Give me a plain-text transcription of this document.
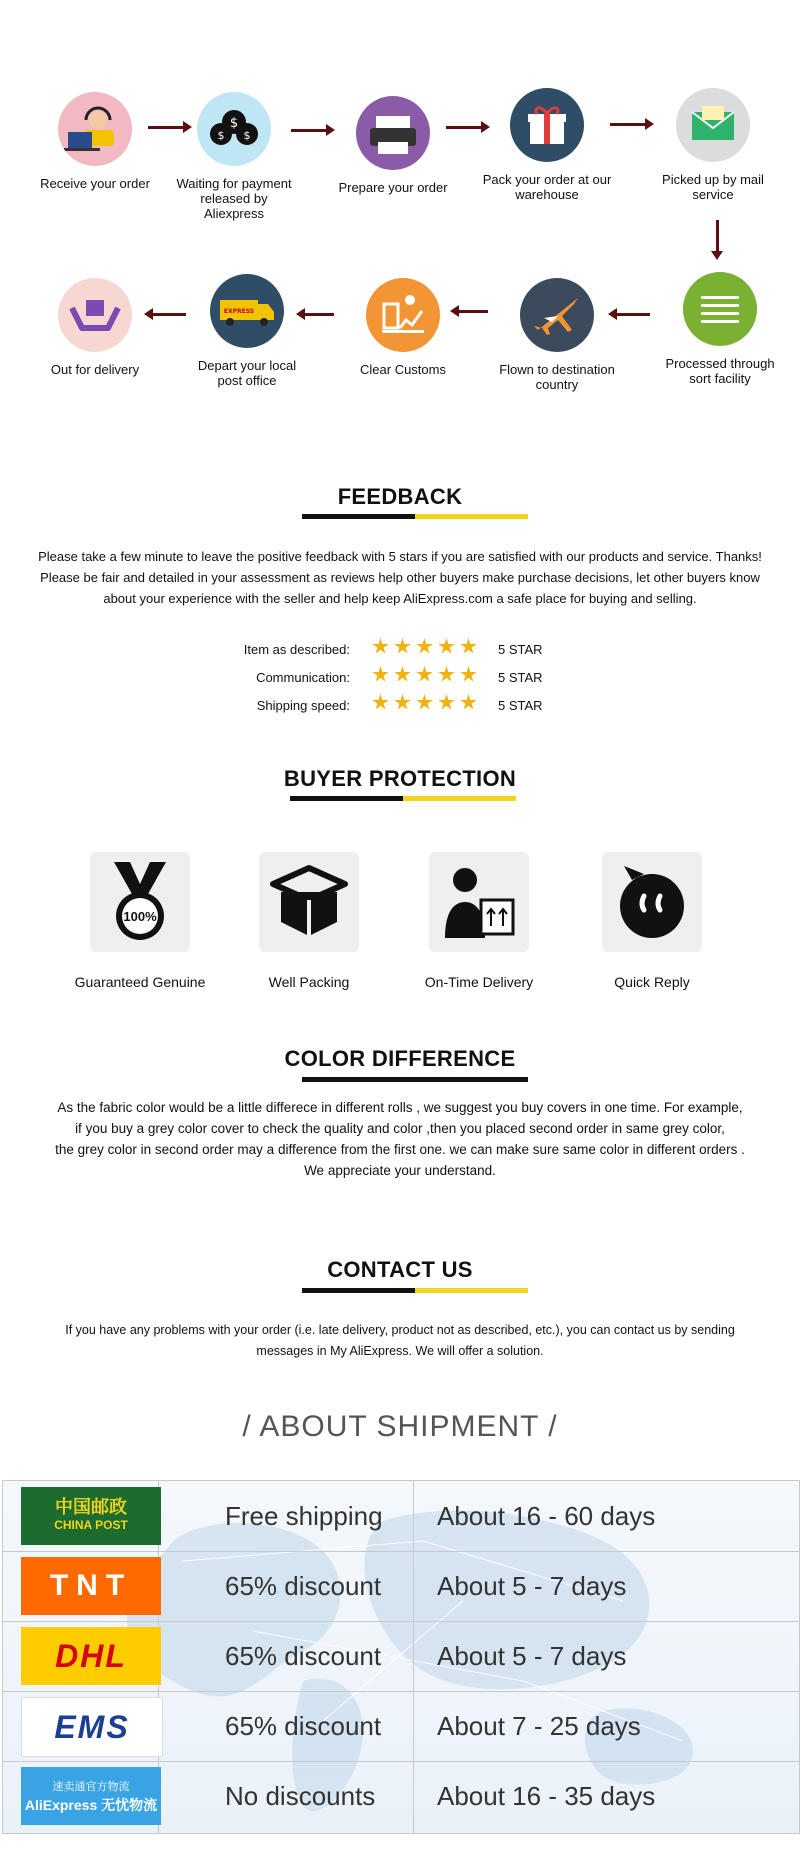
Receive your order
$
$ $
Waiting for payment released by Aliexpress
Prepare your order
Pack your order at our warehouse
Picked up by mail service
Out for delivery
EXPRESS
Depart your local post office
Clear Customs	Flown to destination country
Processed through sort facility
FEEDBACK
Please take a few minute to leave the positive feedback with 5 stars if you are satisfied with our products and service. Thanks!
Please be fair and detailed in your assessment as reviews help other buyers make purchase decisions, let other buyers know
about your experience with the seller and help keep AliExpress.com a safe place for buying and selling.
Item as described:	5 STAR
Communication:	5 STAR
Shipping speed:	5 STAR
BUYER PROTECTION
100%
Guaranteed Genuine	Well Packing	On-Time Delivery	Quick Reply
COLOR DIFFERENCE
As the fabric color would be a little differece in different rolls , we suggest you buy covers in one time. For example,
if you buy a grey color cover to check the quality and color ,then you placed second order in same grey color,
the grey color in second order may a difference from the first one. we can make sure same color in different orders .
We appreciate your understand.
CONTACT US
If you have any problems with your order (i.e. late delivery, product not as described, etc.), you can contact us by sending
messages in My AliExpress. We will offer a solution.
/ ABOUT SHIPMENT /
中国邮政
CHINA POST	Free shipping About 16 - 60 days
TNT	65% discount About 5 - 7 days
DHL	65% discount About 5 - 7 days
EMS	65% discount About 7 - 25 days
速卖通官方物流
AliExpress 无忧物流	No discounts About 16 - 35 days
